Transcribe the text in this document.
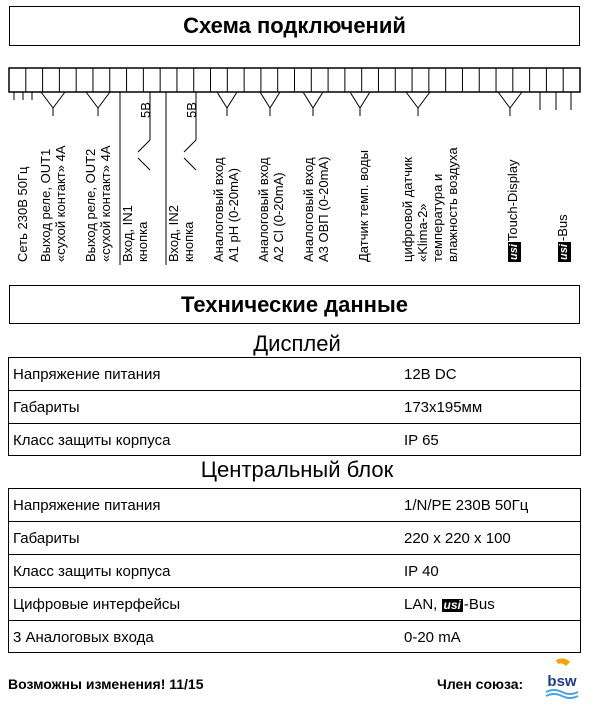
Схема подключений
Сеть 230В 50Гц Выход реле, OUT1 «сухой контакт» 4А Выход реле, OUT2 «сухой контакт» 4А Вход, IN1 кнопка Вход, IN2 кнопка Аналоговый вход A1 pH (0-20mA) Аналоговый вход A2 Cl (0-20mA) Аналоговый вход A3 ОВП (0-20mA) Датчик темп. воды цифровой датчик «Klima-2» температура и влажность воздуха	usiTouch-Display
usi-Bus
5В 5В
Технические данные
Дисплей
Напряжение питания	12В DC
Габариты	173х195мм
Класс защиты корпуса	IP 65
Центральный блок
Напряжение питания	1/N/PE 230В 50Гц
Габариты	220 х 220 х 100
Класс защиты корпуса	IP 40
Цифровые интерфейсы	LAN, usi -Bus
3 Аналоговых входа	0-20 mA
Возможны изменения! 11/15	Член союза: bsw
